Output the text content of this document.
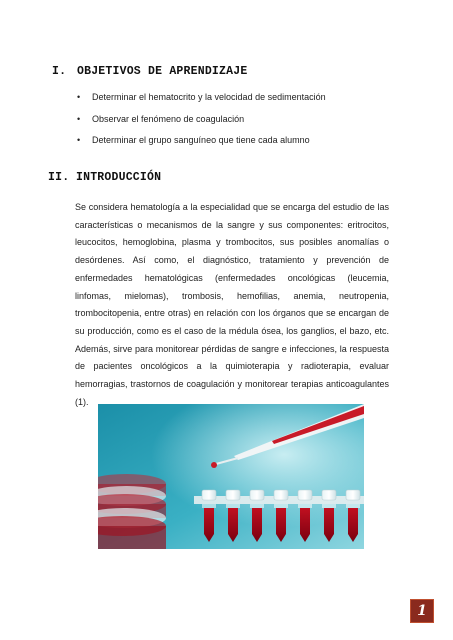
I. OBJETIVOS DE APRENDIZAJE
• Determinar el hematocrito y la velocidad de sedimentación
• Observar el fenómeno de coagulación
• Determinar el grupo sanguíneo que tiene cada alumno
II. INTRODUCCIÓN
Se considera hematología a la especialidad que se encarga del estudio de las
características o mecanismos de la sangre y sus componentes: eritrocitos,
leucocitos, hemoglobina, plasma y trombocitos, sus posibles anomalías o
desórdenes. Así como, el diagnóstico, tratamiento y prevención de
enfermedades hematológicas (enfermedades oncológicas (leucemia,
linfomas, mielomas), trombosis, hemofilias, anemia, neutropenia,
trombocitopenia, entre otras) en relación con los órganos que se encargan de
su producción, como es el caso de la médula ósea, los ganglios, el bazo, etc.
Además, sirve para monitorear pérdidas de sangre e infecciones, la respuesta
de pacientes oncológicos a la quimioterapia y radioterapia, evaluar
hemorragias, trastornos de coagulación y monitorear terapias anticoagulantes
(1).
1
